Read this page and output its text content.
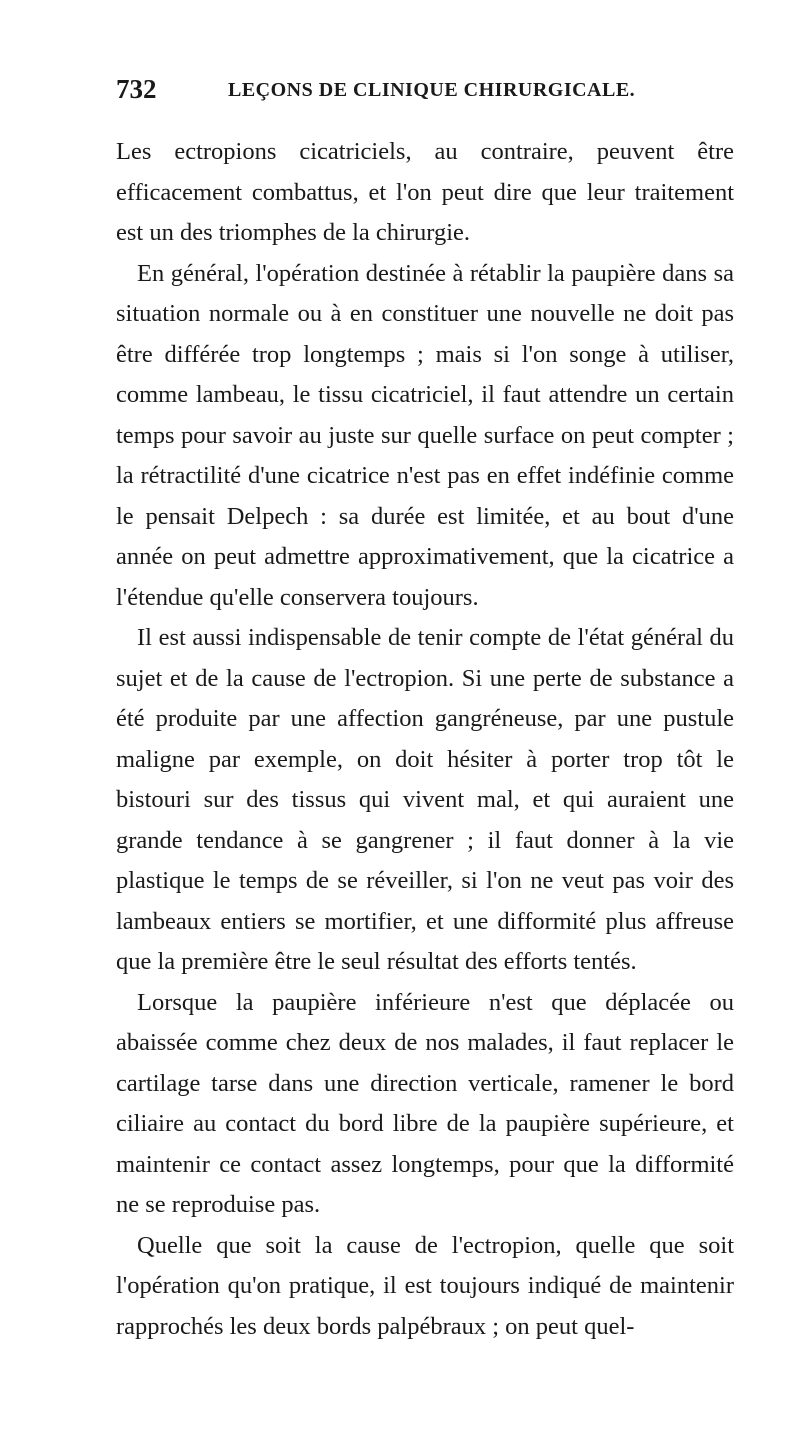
732	LEÇONS DE CLINIQUE CHIRURGICALE.

Les ectropions cicatriciels, au contraire, peuvent être efficacement combattus, et l'on peut dire que leur traitement est un des triomphes de la chirurgie.

En général, l'opération destinée à rétablir la paupière dans sa situation normale ou à en constituer une nouvelle ne doit pas être différée trop longtemps ; mais si l'on songe à utiliser, comme lambeau, le tissu cicatriciel, il faut attendre un certain temps pour savoir au juste sur quelle surface on peut compter ; la rétractilité d'une cicatrice n'est pas en effet indéfinie comme le pensait Delpech : sa durée est limitée, et au bout d'une année on peut admettre approximativement, que la cicatrice a l'étendue qu'elle conservera toujours.

Il est aussi indispensable de tenir compte de l'état général du sujet et de la cause de l'ectropion. Si une perte de substance a été produite par une affection gangréneuse, par une pustule maligne par exemple, on doit hésiter à porter trop tôt le bistouri sur des tissus qui vivent mal, et qui auraient une grande tendance à se gangrener ; il faut donner à la vie plastique le temps de se réveiller, si l'on ne veut pas voir des lambeaux entiers se mortifier, et une difformité plus affreuse que la première être le seul résultat des efforts tentés.

Lorsque la paupière inférieure n'est que déplacée ou abaissée comme chez deux de nos malades, il faut replacer le cartilage tarse dans une direction verticale, ramener le bord ciliaire au contact du bord libre de la paupière supérieure, et maintenir ce contact assez longtemps, pour que la difformité ne se reproduise pas.

Quelle que soit la cause de l'ectropion, quelle que soit l'opération qu'on pratique, il est toujours indiqué de maintenir rapprochés les deux bords palpébraux ; on peut quel-
